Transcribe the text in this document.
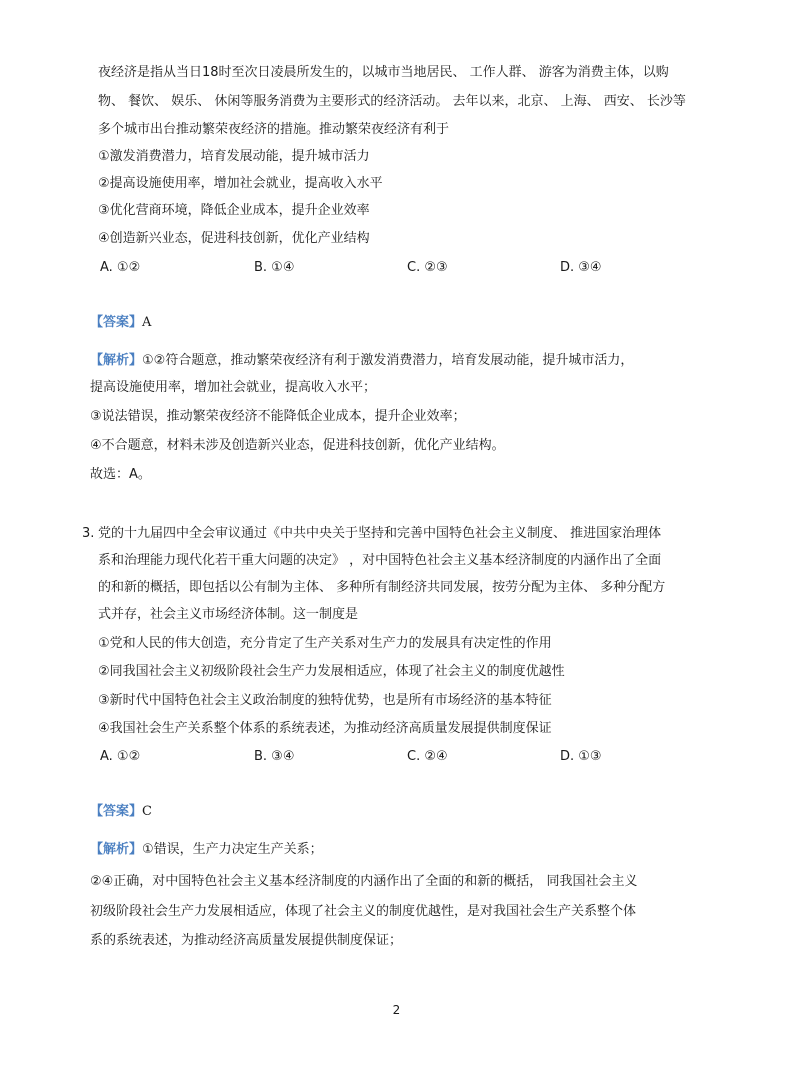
夜经济是指从当日18时至次日凌晨所发生的，以城市当地居民、 工作人群、 游客为消费主体，以购
物、 餐饮、 娱乐、 休闲等服务消费为主要形式的经济活动。 去年以来，北京、 上海、 西安、 长沙等
多个城市出台推动繁荣夜经济的措施。推动繁荣夜经济有利于
①激发消费潜力，培育发展动能，提升城市活力
②提高设施使用率，增加社会就业，提高收入水平
③优化营商环境，降低企业成本，提升企业效率
④创造新兴业态，促进科技创新，优化产业结构
A. ①②	B. ①④	C. ②③	D. ③④
【答案】A
【解析】①②符合题意，推动繁荣夜经济有利于激发消费潜力，培育发展动能，提升城市活力，
提高设施使用率，增加社会就业，提高收入水平；
③说法错误，推动繁荣夜经济不能降低企业成本，提升企业效率；
④不合题意，材料未涉及创造新兴业态，促进科技创新，优化产业结构。
故选：A。
3. 党的十九届四中全会审议通过《中共中央关于坚持和完善中国特色社会主义制度、 推进国家治理体
系和治理能力现代化若干重大问题的决定》 ，对中国特色社会主义基本经济制度的内涵作出了全面
的和新的概括，即包括以公有制为主体、 多种所有制经济共同发展，按劳分配为主体、 多种分配方
式并存，社会主义市场经济体制。这一制度是
①党和人民的伟大创造，充分肯定了生产关系对生产力的发展具有决定性的作用
②同我国社会主义初级阶段社会生产力发展相适应，体现了社会主义的制度优越性
③新时代中国特色社会主义政治制度的独特优势，也是所有市场经济的基本特征
④我国社会生产关系整个体系的系统表述，为推动经济高质量发展提供制度保证
A. ①②	B. ③④	C. ②④	D. ①③
【答案】C
【解析】①错误，生产力决定生产关系；
②④正确，对中国特色社会主义基本经济制度的内涵作出了全面的和新的概括， 同我国社会主义
初级阶段社会生产力发展相适应，体现了社会主义的制度优越性，是对我国社会生产关系整个体
系的系统表述，为推动经济高质量发展提供制度保证；
2
